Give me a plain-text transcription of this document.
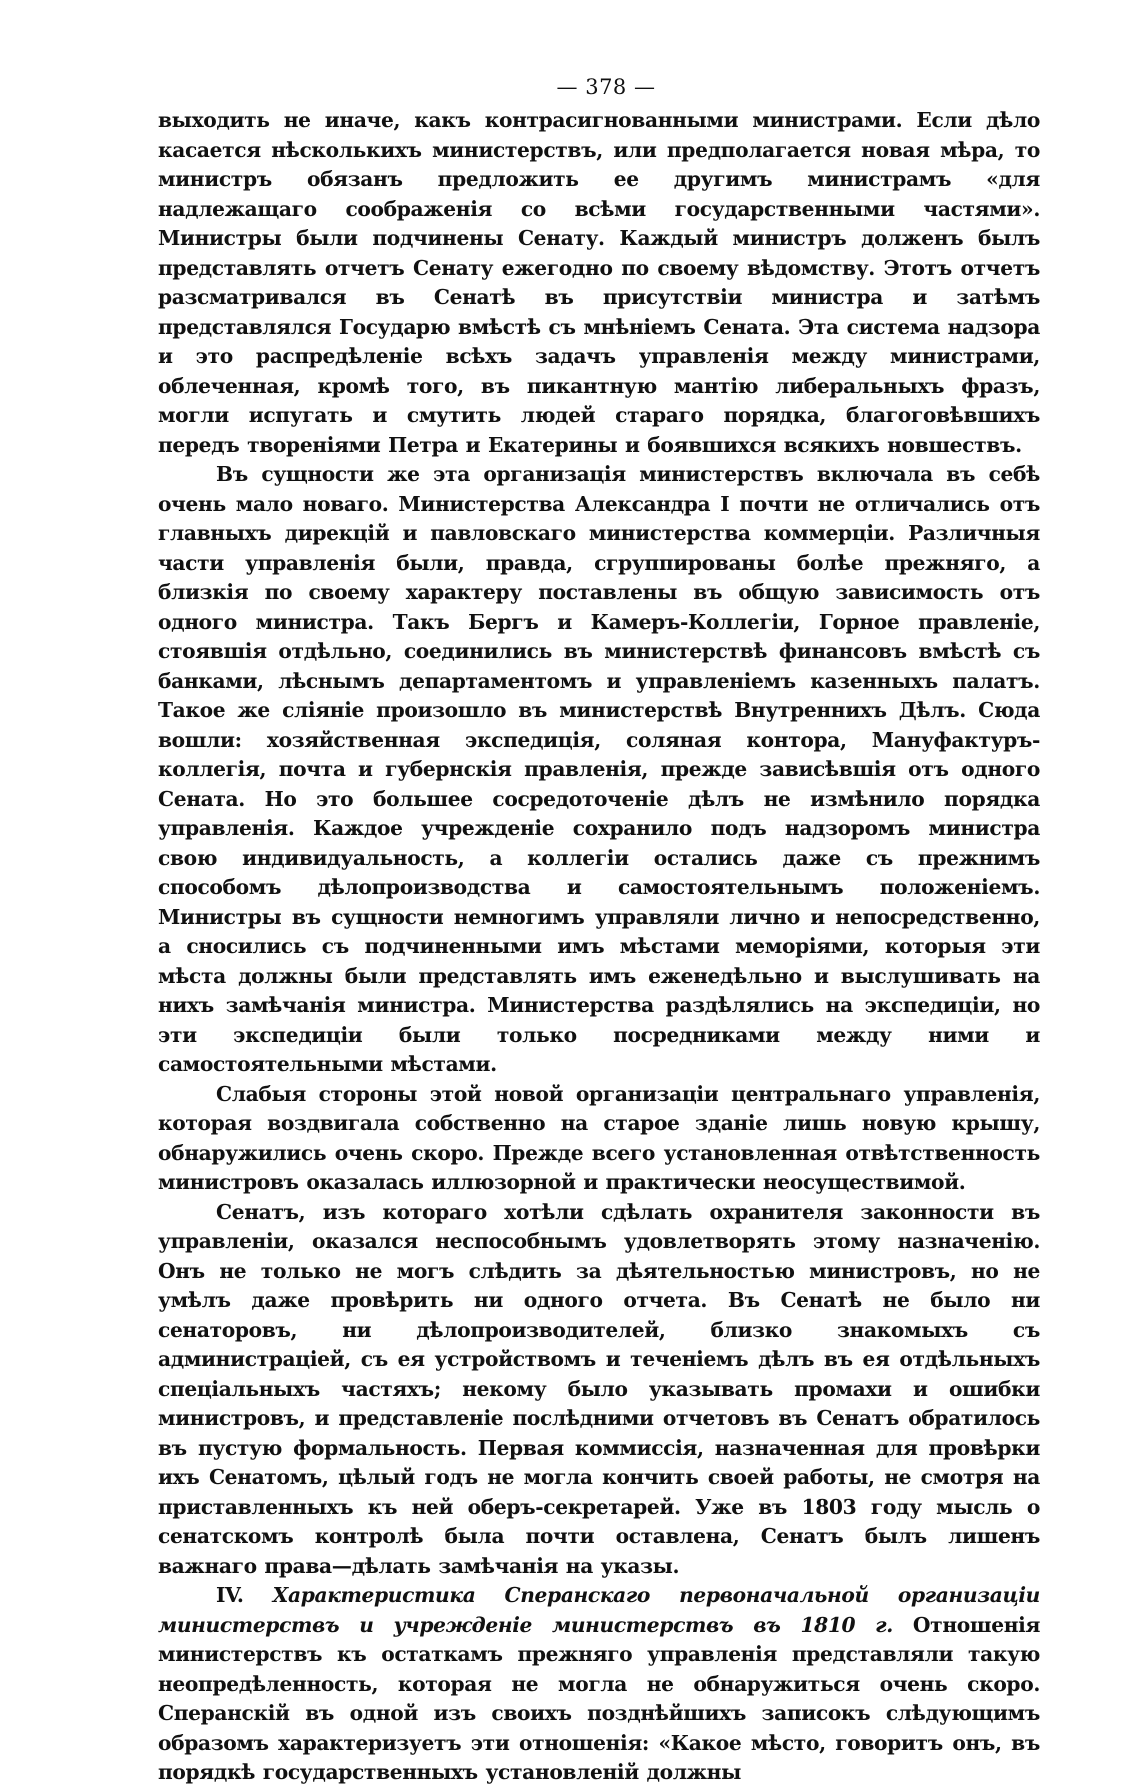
— 378 —

выходить не иначе, какъ контрасигнованными министрами. Если дѣло касается нѣсколькихъ министерствъ, или предполагается новая мѣра, то министръ обязанъ предложить ее другимъ министрамъ «для надлежащаго соображенія со всѣми государственными частями». Министры были подчинены Сенату. Каждый министръ долженъ былъ представлять отчетъ Сенату ежегодно по своему вѣдомству. Этотъ отчетъ разсматривался въ Сенатѣ въ присутствіи министра и затѣмъ представлялся Государю вмѣстѣ съ мнѣніемъ Сената. Эта система надзора и это распредѣленіе всѣхъ задачъ управленія между министрами, облеченная, кромѣ того, въ пикантную мантію либеральныхъ фразъ, могли испугать и смутить людей стараго порядка, благоговѣвшихъ передъ твореніями Петра и Екатерины и боявшихся всякихъ новшествъ.

Въ сущности же эта организація министерствъ включала въ себѣ очень мало новаго. Министерства Александра I почти не отличались отъ главныхъ дирекцій и павловскаго министерства коммерціи. Различныя части управленія были, правда, сгруппированы болѣе прежняго, а близкія по своему характеру поставлены въ общую зависимость отъ одного министра. Такъ Бергъ и Камеръ-Коллегіи, Горное правленіе, стоявшія отдѣльно, соединились въ министерствѣ финансовъ вмѣстѣ съ банками, лѣснымъ департаментомъ и управленіемъ казенныхъ палатъ. Такое же сліяніе произошло въ министерствѣ Внутреннихъ Дѣлъ. Сюда вошли: хозяйственная экспедиція, соляная контора, Мануфактуръ-коллегія, почта и губернскія правленія, прежде зависѣвшія отъ одного Сената. Но это большее сосредоточеніе дѣлъ не измѣнило порядка управленія. Каждое учрежденіе сохранило подъ надзоромъ министра свою индивидуальность, а коллегіи остались даже съ прежнимъ способомъ дѣлопроизводства и самостоятельнымъ положеніемъ. Министры въ сущности немногимъ управляли лично и непосредственно, а сносились съ подчиненными имъ мѣстами меморіями, которыя эти мѣста должны были представлять имъ еженедѣльно и выслушивать на нихъ замѣчанія министра. Министерства раздѣлялись на экспедиціи, но эти экспедиціи были только посредниками между ними и самостоятельными мѣстами.

Слабыя стороны этой новой организаціи центральнаго управленія, которая воздвигала собственно на старое зданіе лишь новую крышу, обнаружились очень скоро. Прежде всего установленная отвѣтственность министровъ оказалась иллюзорной и практически неосуществимой.

Сенатъ, изъ котораго хотѣли сдѣлать охранителя законности въ управленіи, оказался неспособнымъ удовлетворять этому назначенію. Онъ не только не могъ слѣдить за дѣятельностью министровъ, но не умѣлъ даже провѣрить ни одного отчета. Въ Сенатѣ не было ни сенаторовъ, ни дѣлопроизводителей, близко знакомыхъ съ администраціей, съ ея устройствомъ и теченіемъ дѣлъ въ ея отдѣльныхъ спеціальныхъ частяхъ; некому было указывать промахи и ошибки министровъ, и представленіе послѣдними отчетовъ въ Сенатъ обратилось въ пустую формальность. Первая коммиссія, назначенная для провѣрки ихъ Сенатомъ, цѣлый годъ не могла кончить своей работы, не смотря на приставленныхъ къ ней оберъ-секретарей. Уже въ 1803 году мысль о сенатскомъ контролѣ была почти оставлена, Сенатъ былъ лишенъ важнаго права—дѣлать замѣчанія на указы.

IV. Характеристика Сперанскаго первоначальной организаціи министерствъ и учрежденіе министерствъ въ 1810 г. Отношенія министерствъ къ остаткамъ прежняго управленія представляли такую неопредѣленность, которая не могла не обнаружиться очень скоро. Сперанскій въ одной изъ своихъ позднѣйшихъ записокъ слѣдующимъ образомъ характеризуетъ эти отношенія: «Какое мѣсто, говоритъ онъ, въ порядкѣ государственныхъ установленій должны
